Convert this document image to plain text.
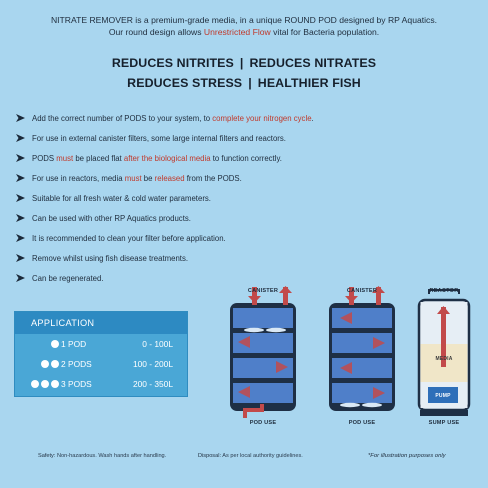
NITRATE REMOVER is a premium-grade media, in a unique ROUND POD designed by RP Aquatics.
Our round design allows Unrestricted Flow vital for Bacteria population.
REDUCES NITRITES | REDUCES NITRATES
REDUCES STRESS | HEALTHIER FISH
Add the correct number of PODS to your system, to complete your nitrogen cycle.
For use in external canister filters, some large internal filters and reactors.
PODS must be placed flat after the biological media to function correctly.
For use in reactors, media must be released from the PODS.
Suitable for all fresh water & cold water parameters.
Can be used with other RP Aquatics products.
It is recommended to clean your filter before application.
Remove whilst using fish disease treatments.
Can be regenerated.
APPLICATION
1 POD	0 - 100L
2 PODS	100 - 200L
3 PODS	200 - 350L
CANISTER
POD USE
CANISTER
POD USE
REACTOR
MEDIA
PUMP
SUMP USE
Safety: Non-hazardous. Wash hands after handling.	Disposal: As per local authority guidelines.	*For illustration purposes only
